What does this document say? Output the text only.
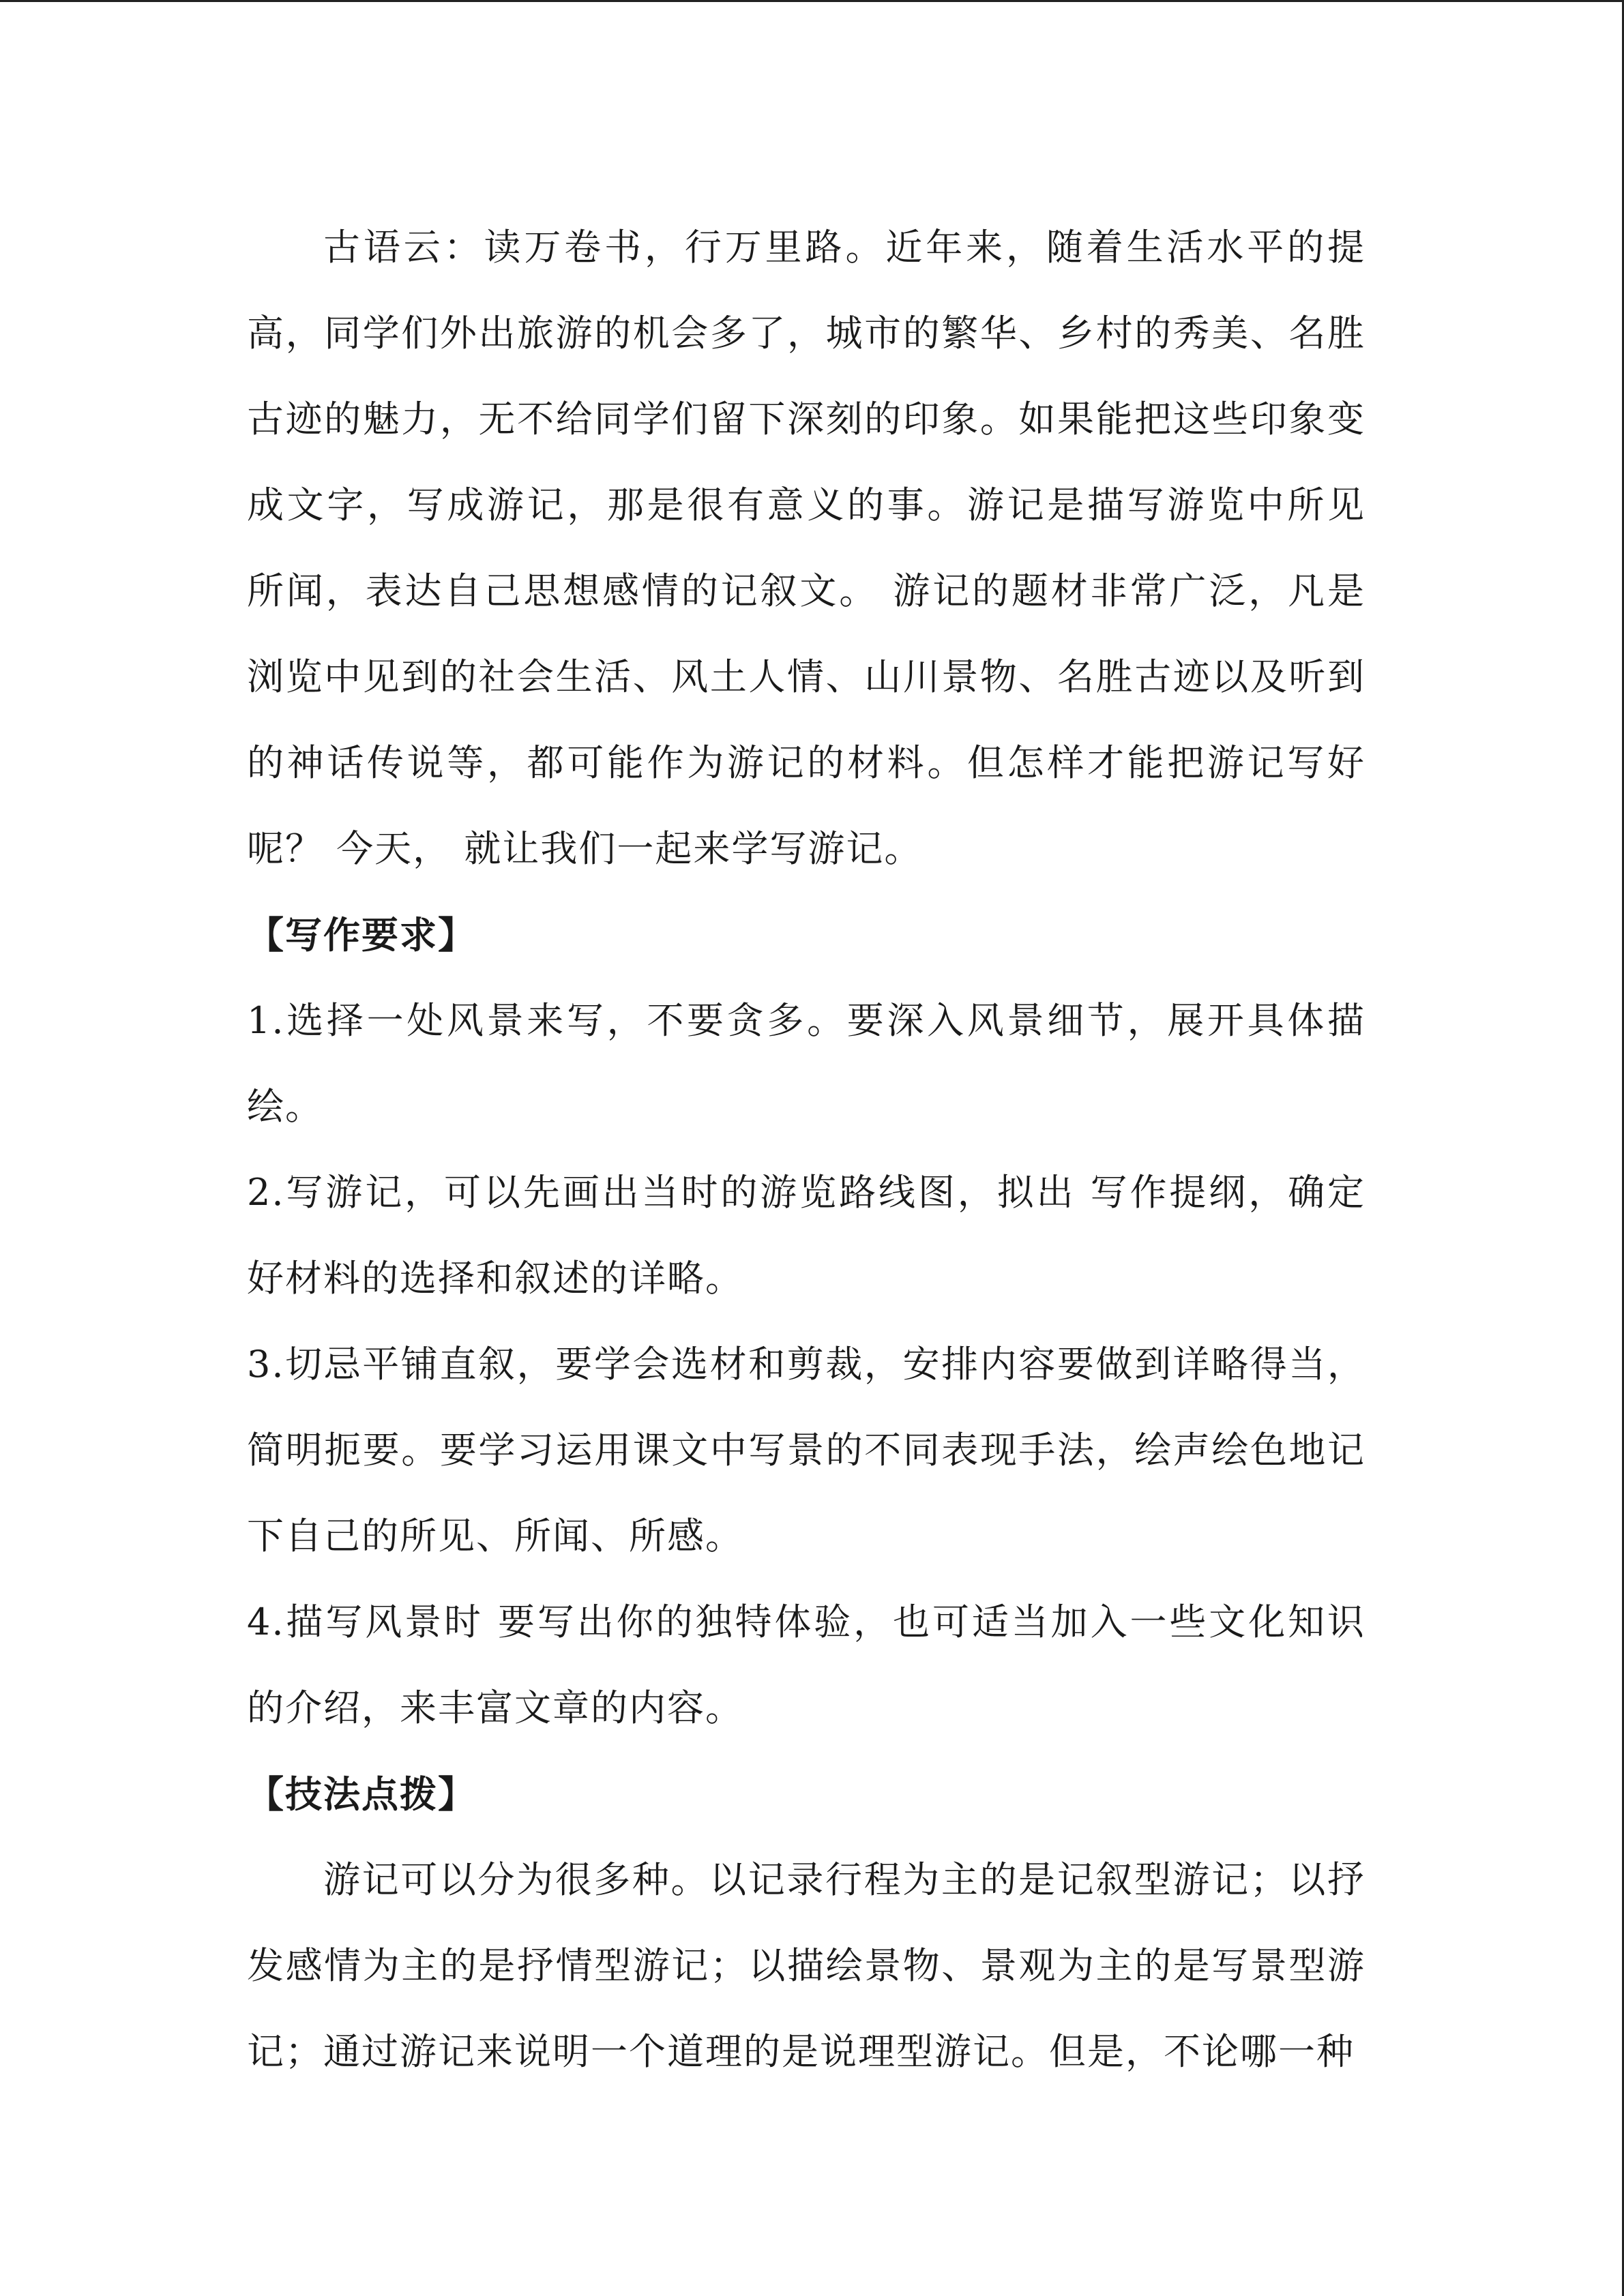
古语云：读万卷书，行万里路。近年来，随着生活水平的提高，同学们外出旅游的机会多了，城市的繁华、乡村的秀美、名胜古迹的魅力，无不给同学们留下深刻的印象。如果能把这些印象变成文字，写成游记，那是很有意义的事。游记是描写游览中所见 所闻，表达自己思想感情的记叙文。 游记的题材非常广泛，凡是浏览中见到的社会生活、风土人情、山川景物、名胜古迹以及听到的神话传说等，都可能作为游记的材料。但怎样才能把游记写好呢？ 今天， 就让我们一起来学写游记。

【写作要求】

1.选择一处风景来写，不要贪多。要深入风景细节，展开具体描绘。

2.写游记，可以先画出当时的游览路线图，拟出 写作提纲，确定好材料的选择和叙述的详略。

3.切忌平铺直叙，要学会选材和剪裁，安排内容要做到详略得当，简明扼要。要学习运用课文中写景的不同表现手法，绘声绘色地记下自己的所见、所闻、所感。

4.描写风景时 要写出你的独特体验，也可适当加入一些文化知识的介绍，来丰富文章的内容。

【技法点拨】

游记可以分为很多种。以记录行程为主的是记叙型游记；以抒发感情为主的是抒情型游记；以描绘景物、景观为主的是写景型游记；通过游记来说明一个道理的是说理型游记。但是，不论哪一种
